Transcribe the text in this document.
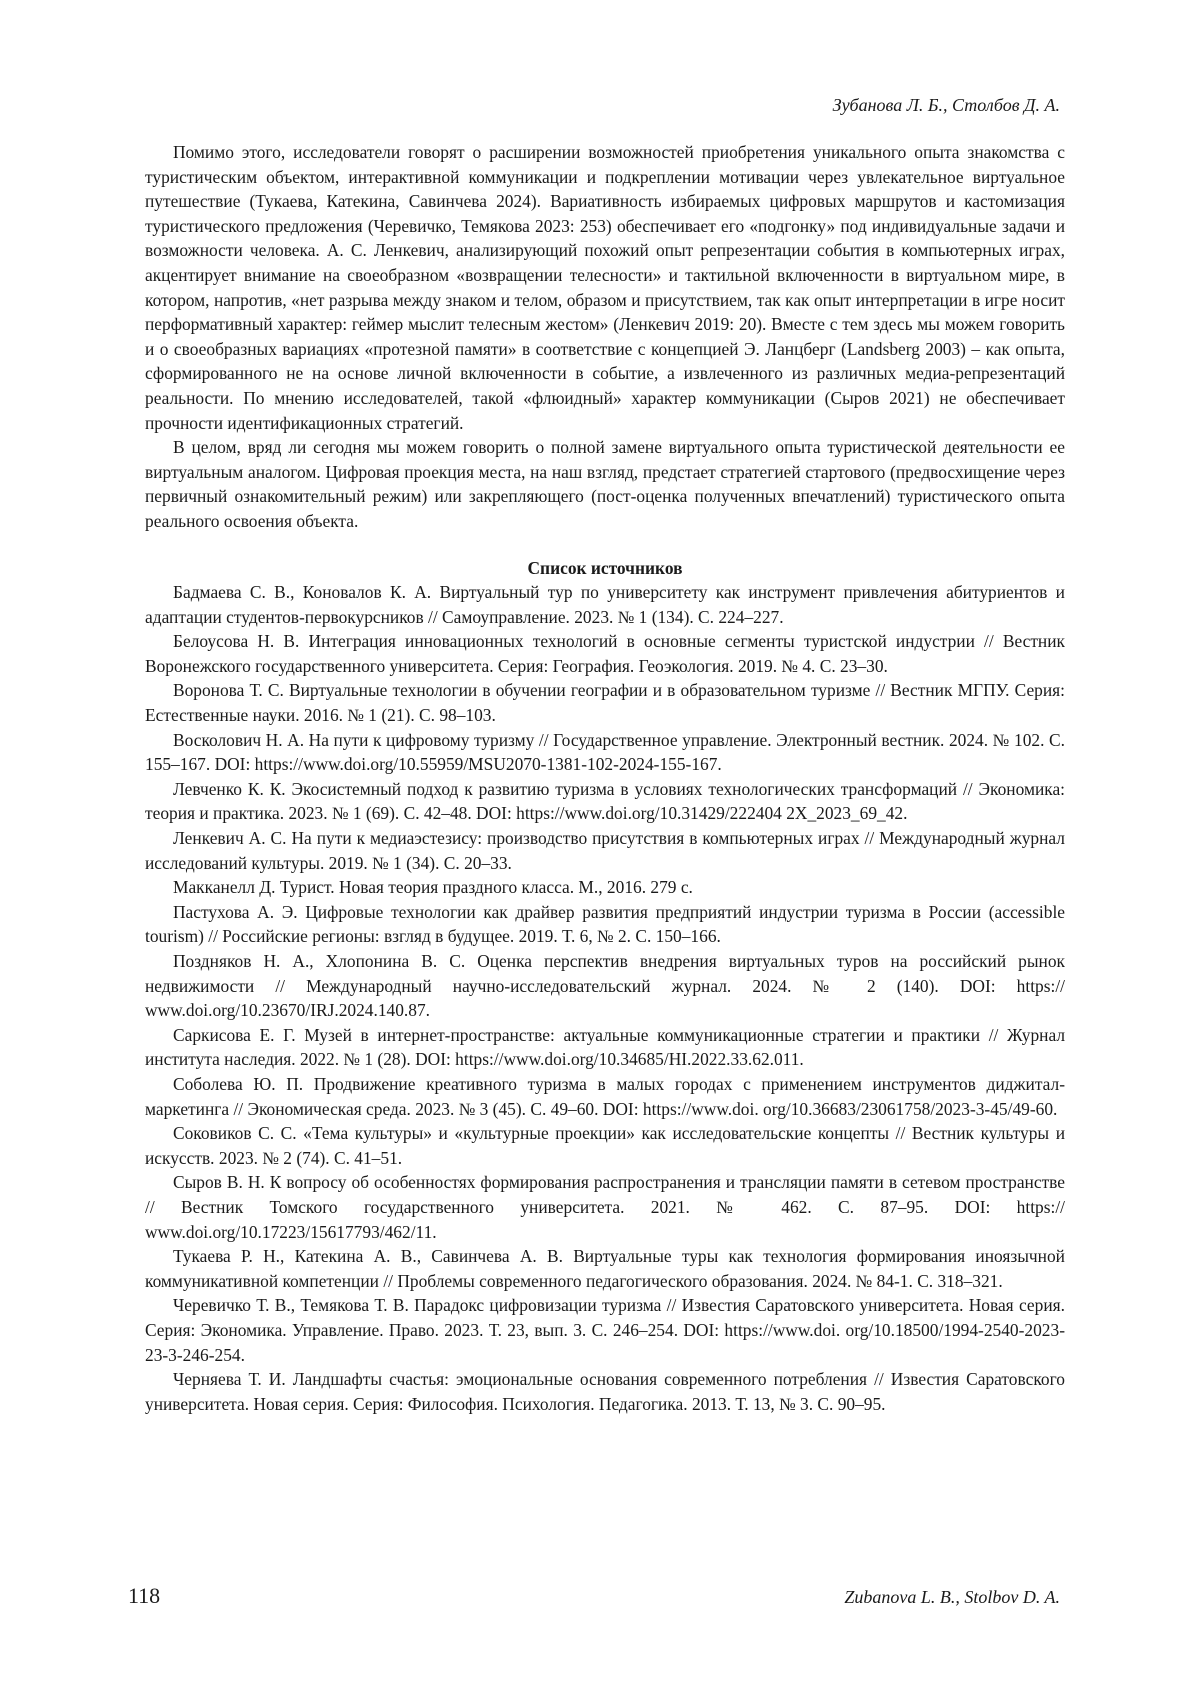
Зубанова Л. Б., Столбов Д. А.

Помимо этого, исследователи говорят о расширении возможностей приобретения уникального опыта знакомства с туристическим объектом, интерактивной коммуникации и подкреплении мотивации через увлекательное виртуальное путешествие (Тукаева, Катекина, Савинчева 2024). Вариативность избираемых цифровых маршрутов и кастомизация туристического предложения (Черевичко, Темякова 2023: 253) обеспечивает его «подгонку» под индивидуальные задачи и возможности человека. А. С. Ленкевич, анализирующий похожий опыт репрезентации события в компьютерных играх, акцентирует внимание на своеобразном «возвращении телесности» и тактильной включенности в виртуальном мире, в котором, напротив, «нет разрыва между знаком и телом, образом и присутствием, так как опыт интерпретации в игре носит перформативный характер: геймер мыслит телесным жестом» (Ленкевич 2019: 20). Вместе с тем здесь мы можем говорить и о своеобразных вариациях «протезной памяти» в соответствие с концепцией Э. Ланцберг (Landsberg 2003) – как опыта, сформированного не на основе личной включенности в событие, а извлеченного из различных медиа-репрезентаций реальности. По мнению исследователей, такой «флюидный» характер коммуникации (Сыров 2021) не обеспечивает прочности идентификационных стратегий.

В целом, вряд ли сегодня мы можем говорить о полной замене виртуального опыта туристической деятельности ее виртуальным аналогом. Цифровая проекция места, на наш взгляд, предстает стратегией стартового (предвосхищение через первичный ознакомительный режим) или закрепляющего (пост-оценка полученных впечатлений) туристического опыта реального освоения объекта.

Список источников

Бадмаева С. В., Коновалов К. А. Виртуальный тур по университету как инструмент привлечения абитуриентов и адаптации студентов-первокурсников // Самоуправление. 2023. № 1 (134). С. 224–227.

Белоусова Н. В. Интеграция инновационных технологий в основные сегменты туристской индустрии // Вестник Воронежского государственного университета. Серия: География. Геоэкология. 2019. № 4. С. 23–30.

Воронова Т. С. Виртуальные технологии в обучении географии и в образовательном туризме // Вестник МГПУ. Серия: Естественные науки. 2016. № 1 (21). С. 98–103.

Восколович Н. А. На пути к цифровому туризму // Государственное управление. Электронный вестник. 2024. № 102. С. 155–167. DOI: https://www.doi.org/10.55959/MSU2070-1381-102-2024-155-167.

Левченко К. К. Экосистемный подход к развитию туризма в условиях технологических трансформаций // Экономика: теория и практика. 2023. № 1 (69). С. 42–48. DOI: https://www.doi.org/10.31429/222404 2X_2023_69_42.

Ленкевич А. С. На пути к медиаэстезису: производство присутствия в компьютерных играх // Международный журнал исследований культуры. 2019. № 1 (34). С. 20–33.

Макканелл Д. Турист. Новая теория праздного класса. М., 2016. 279 с.

Пастухова А. Э. Цифровые технологии как драйвер развития предприятий индустрии туризма в России (accessible tourism) // Российские регионы: взгляд в будущее. 2019. Т. 6, № 2. С. 150–166.

Поздняков Н. А., Хлопонина В. С. Оценка перспектив внедрения виртуальных туров на российский рынок недвижимости // Международный научно-исследовательский журнал. 2024. № 2 (140). DOI: https:// www.doi.org/10.23670/IRJ.2024.140.87.

Саркисова Е. Г. Музей в интернет-пространстве: актуальные коммуникационные стратегии и практики // Журнал института наследия. 2022. № 1 (28). DOI: https://www.doi.org/10.34685/HI.2022.33.62.011.

Соболева Ю. П. Продвижение креативного туризма в малых городах с применением инструментов диджитал-маркетинга // Экономическая среда. 2023. № 3 (45). С. 49–60. DOI: https://www.doi. org/10.36683/23061758/2023-3-45/49-60.

Соковиков С. С. «Тема культуры» и «культурные проекции» как исследовательские концепты // Вестник культуры и искусств. 2023. № 2 (74). С. 41–51.

Сыров В. Н. К вопросу об особенностях формирования распространения и трансляции памяти в сетевом пространстве // Вестник Томского государственного университета. 2021. № 462. С. 87–95. DOI: https:// www.doi.org/10.17223/15617793/462/11.

Тукаева Р. Н., Катекина А. В., Савинчева А. В. Виртуальные туры как технология формирования иноязычной коммуникативной компетенции // Проблемы современного педагогического образования. 2024. № 84-1. С. 318–321.

Черевичко Т. В., Темякова Т. В. Парадокс цифровизации туризма // Известия Саратовского университета. Новая серия. Серия: Экономика. Управление. Право. 2023. Т. 23, вып. 3. С. 246–254. DOI: https://www.doi. org/10.18500/1994-2540-2023-23-3-246-254.

Черняева Т. И. Ландшафты счастья: эмоциональные основания современного потребления // Известия Саратовского университета. Новая серия. Серия: Философия. Психология. Педагогика. 2013. Т. 13, № 3. С. 90–95.

118	Zubanova L. B., Stolbov D. A.
